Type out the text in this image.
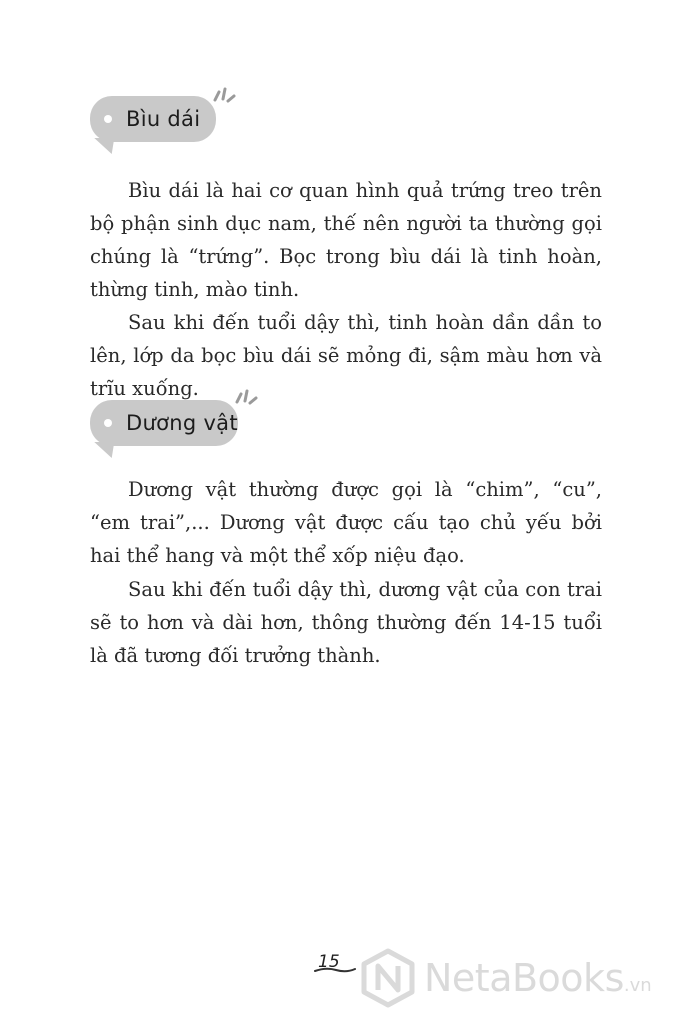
Bìu dái

Bìu dái là hai cơ quan hình quả trứng treo trên bộ phận sinh dục nam, thế nên người ta thường gọi chúng là “trứng”. Bọc trong bìu dái là tinh hoàn, thừng tinh, mào tinh.

Sau khi đến tuổi dậy thì, tinh hoàn dần dần to lên, lớp da bọc bìu dái sẽ mỏng đi, sậm màu hơn và trĩu xuống.

Dương vật

Dương vật thường được gọi là “chim”, “cu”, “em trai”,... Dương vật được cấu tạo chủ yếu bởi hai thể hang và một thể xốp niệu đạo.

Sau khi đến tuổi dậy thì, dương vật của con trai sẽ to hơn và dài hơn, thông thường đến 14-15 tuổi là đã tương đối trưởng thành.

15 NetaBooks .vn
